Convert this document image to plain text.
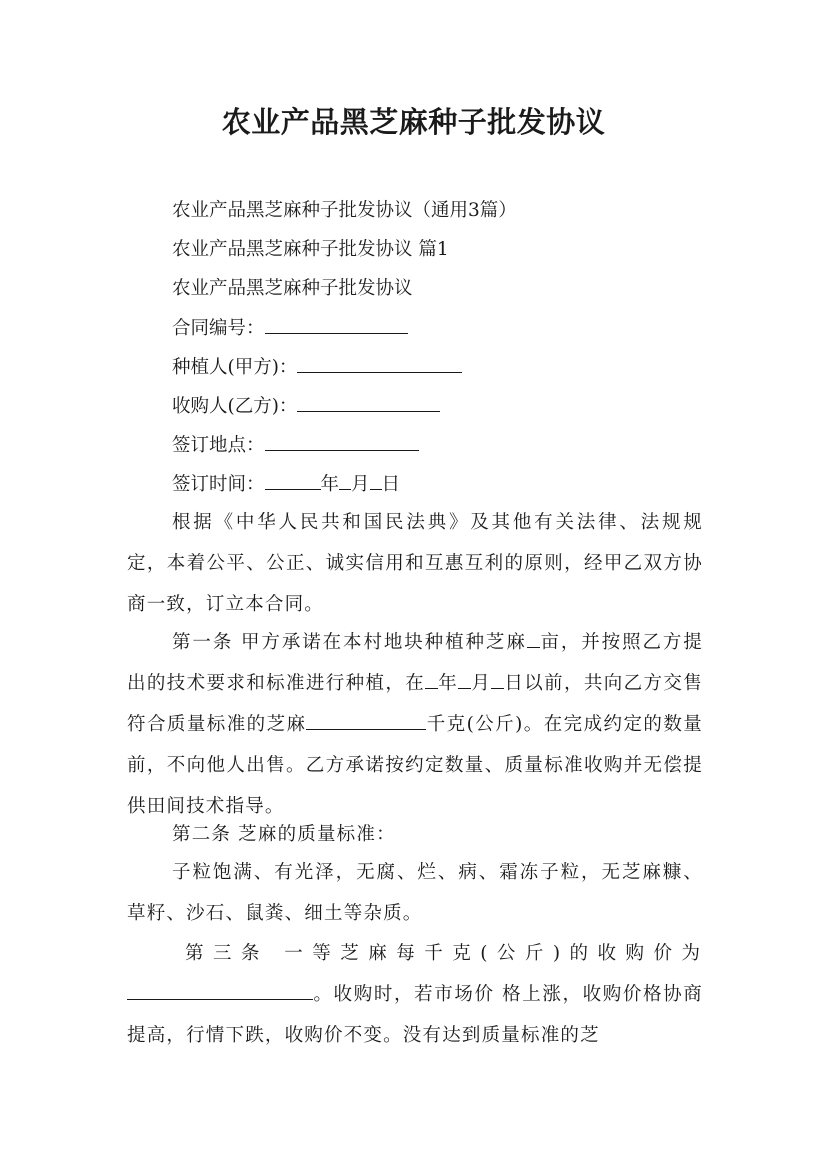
农业产品黑芝麻种子批发协议

农业产品黑芝麻种子批发协议（通用3篇）

农业产品黑芝麻种子批发协议 篇1

农业产品黑芝麻种子批发协议

合同编号：

种植人(甲方)：

收购人(乙方)：

签订地点：

签订时间：	年 月 日

根据《中华人民共和国民法典》及其他有关法律、法规规定，本着公平、公正、诚实信用和互惠互利的原则，经甲乙双方协商一致，订立本合同。

第一条 甲方承诺在本村地块种植种芝麻 亩，并按照乙方提出的技术要求和标准进行种植，在 年 月 日以前，共向乙方交售符合质量标准的芝麻	千克(公斤)。在完成约定的数量前，不向他人出售。乙方承诺按约定数量、质量标准收购并无偿提供田间技术指导。

第二条 芝麻的质量标准：

子粒饱满、有光泽，无腐、烂、病、霜冻子粒，无芝麻糠、草籽、沙石、鼠粪、细土等杂质。

第三条 一等芝麻每千克(公斤)的收购价为。收购时，若市场价 格上涨，收购价格协商提高，行情下跌，收购价不变。没有达到质量标准的芝
